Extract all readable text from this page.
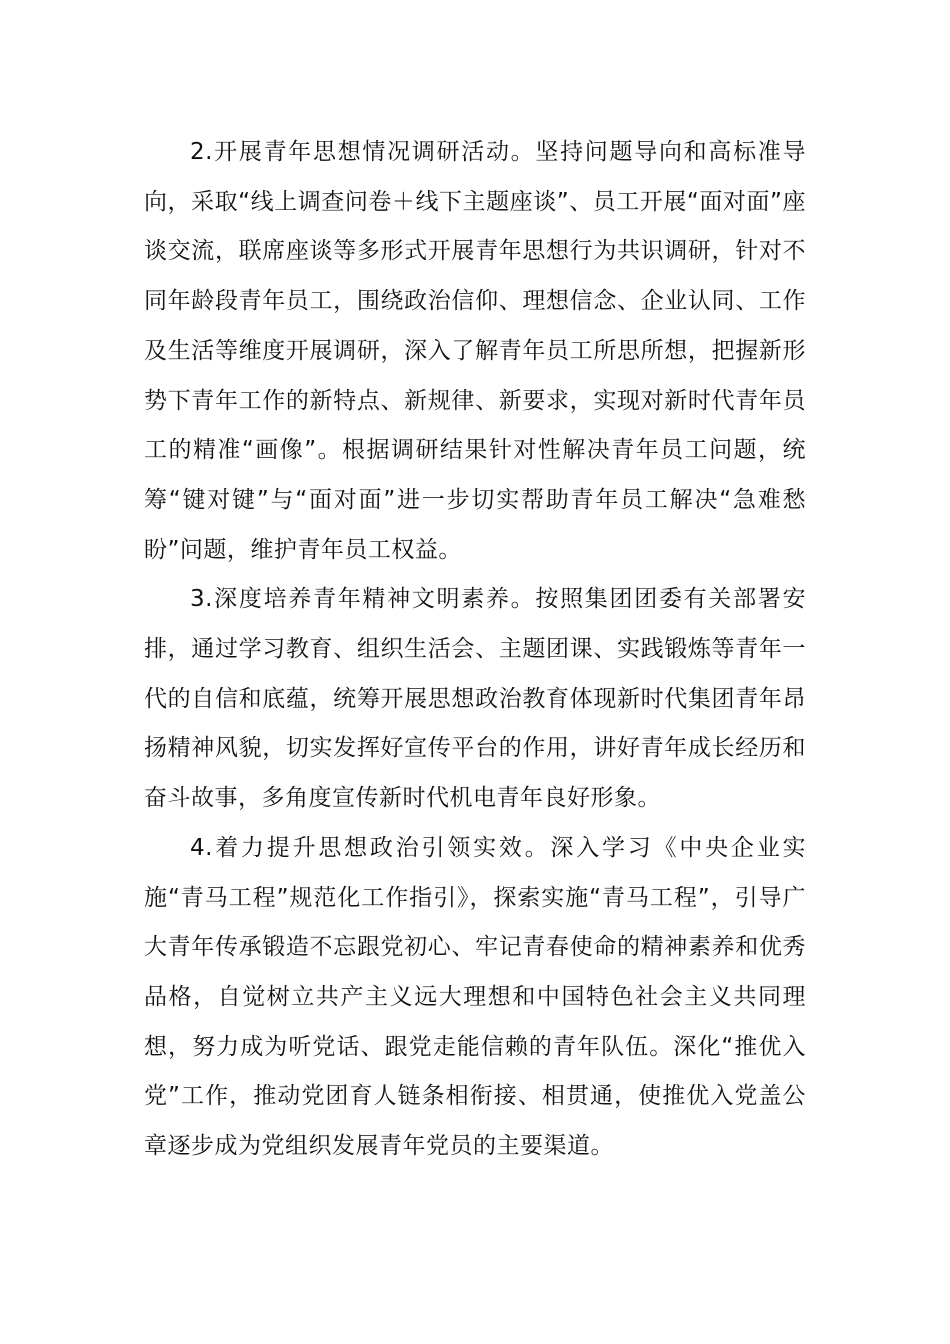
2.开展青年思想情况调研活动。坚持问题导向和高标准导向，采取“线上调查问卷＋线下主题座谈”、员工开展“面对面”座谈交流，联席座谈等多形式开展青年思想行为共识调研，针对不同年龄段青年员工，围绕政治信仰、理想信念、企业认同、工作及生活等维度开展调研，深入了解青年员工所思所想，把握新形势下青年工作的新特点、新规律、新要求，实现对新时代青年员工的精准“画像”。根据调研结果针对性解决青年员工问题，统筹“键对键”与“面对面”进一步切实帮助青年员工解决“急难愁盼”问题，维护青年员工权益。

3.深度培养青年精神文明素养。按照集团团委有关部署安排，通过学习教育、组织生活会、主题团课、实践锻炼等青年一代的自信和底蕴，统筹开展思想政治教育体现新时代集团青年昂扬精神风貌，切实发挥好宣传平台的作用，讲好青年成长经历和奋斗故事，多角度宣传新时代机电青年良好形象。

4.着力提升思想政治引领实效。深入学习《中央企业实施“青马工程”规范化工作指引》，探索实施“青马工程”，引导广大青年传承锻造不忘跟党初心、牢记青春使命的精神素养和优秀品格，自觉树立共产主义远大理想和中国特色社会主义共同理想，努力成为听党话、跟党走能信赖的青年队伍。深化“推优入党”工作，推动党团育人链条相衔接、相贯通，使推优入党盖公章逐步成为党组织发展青年党员的主要渠道。
